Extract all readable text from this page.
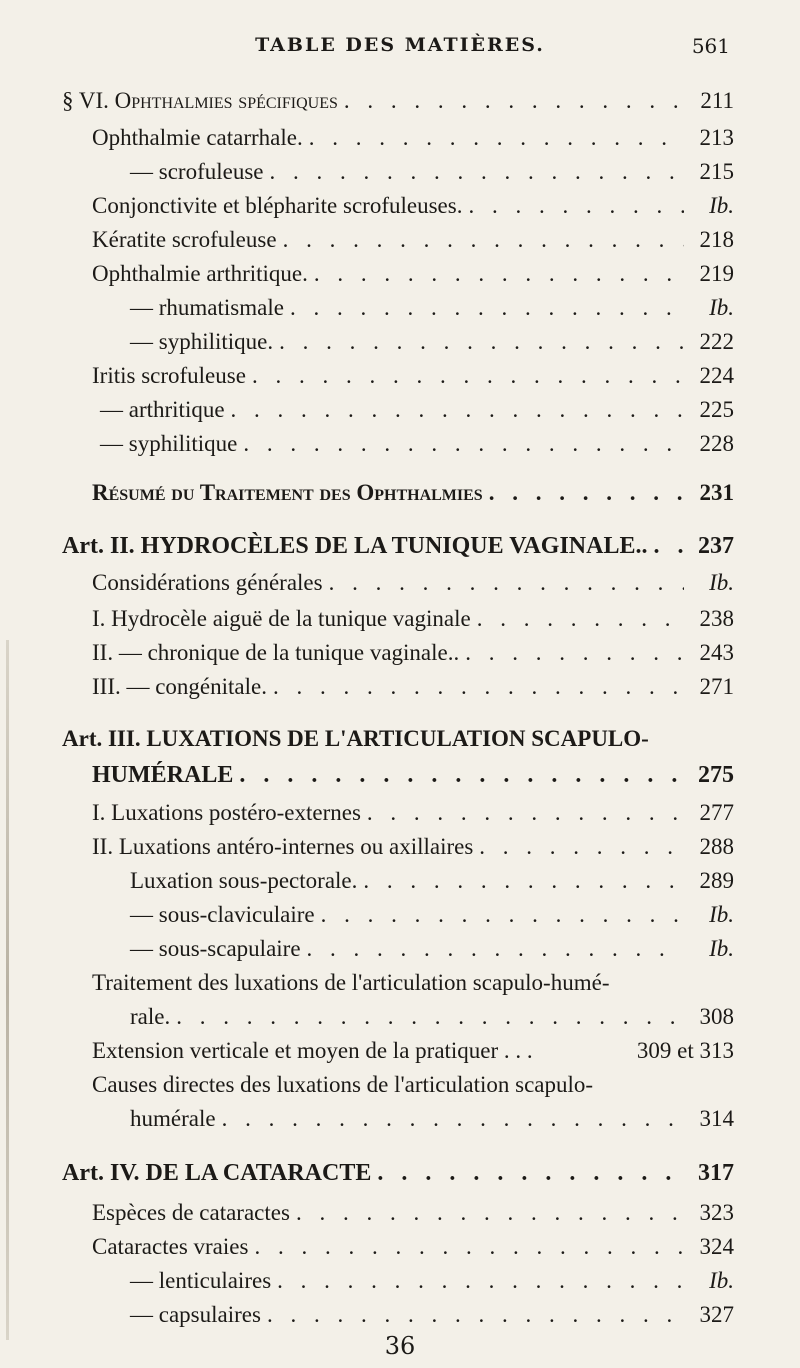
TABLE DES MATIÈRES.	561
§ VI. Ophthalmies spécifiques . . .	211
Ophthalmie catarrhale. . . .	213
— scrofuleuse . . .	215
Conjonctivite et blépharite scrofuleuses. . . .	Ib.
Kératite scrofuleuse . . .	218
Ophthalmie arthritique. . . .	219
— rhumatismale . . .	Ib.
— syphilitique. . . .	222
Iritis scrofuleuse . . .	224
— arthritique . . .	225
— syphilitique . . .	228
Résumé du Traitement des Ophthalmies . . .	231
Art. II. HYDROCÈLES DE LA TUNIQUE VAGINALE.. . . .	237
Considérations générales . . .	Ib.
I. Hydrocèle aiguë de la tunique vaginale . . .	238
II. — chronique de la tunique vaginale.. . . .	243
III. — congénitale. . . .	271
Art. III. LUXATIONS DE L'ARTICULATION SCAPULO-
HUMÉRALE . . .	275
I. Luxations postéro-externes . . .	277
II. Luxations antéro-internes ou axillaires . . .	288
Luxation sous-pectorale. . . .	289
— sous-claviculaire . . .	Ib.
— sous-scapulaire . . .	Ib.
Traitement des luxations de l'articulation scapulo-humé-
rale. . . .	308
Extension verticale et moyen de la pratiquer . . .	309 et 313
Causes directes des luxations de l'articulation scapulo-
humérale . . .	314
Art. IV. DE LA CATARACTE . . .	317
Espèces de cataractes . . .	323
Cataractes vraies . . .	324
— lenticulaires . . .	Ib.
— capsulaires . . .	327
36
